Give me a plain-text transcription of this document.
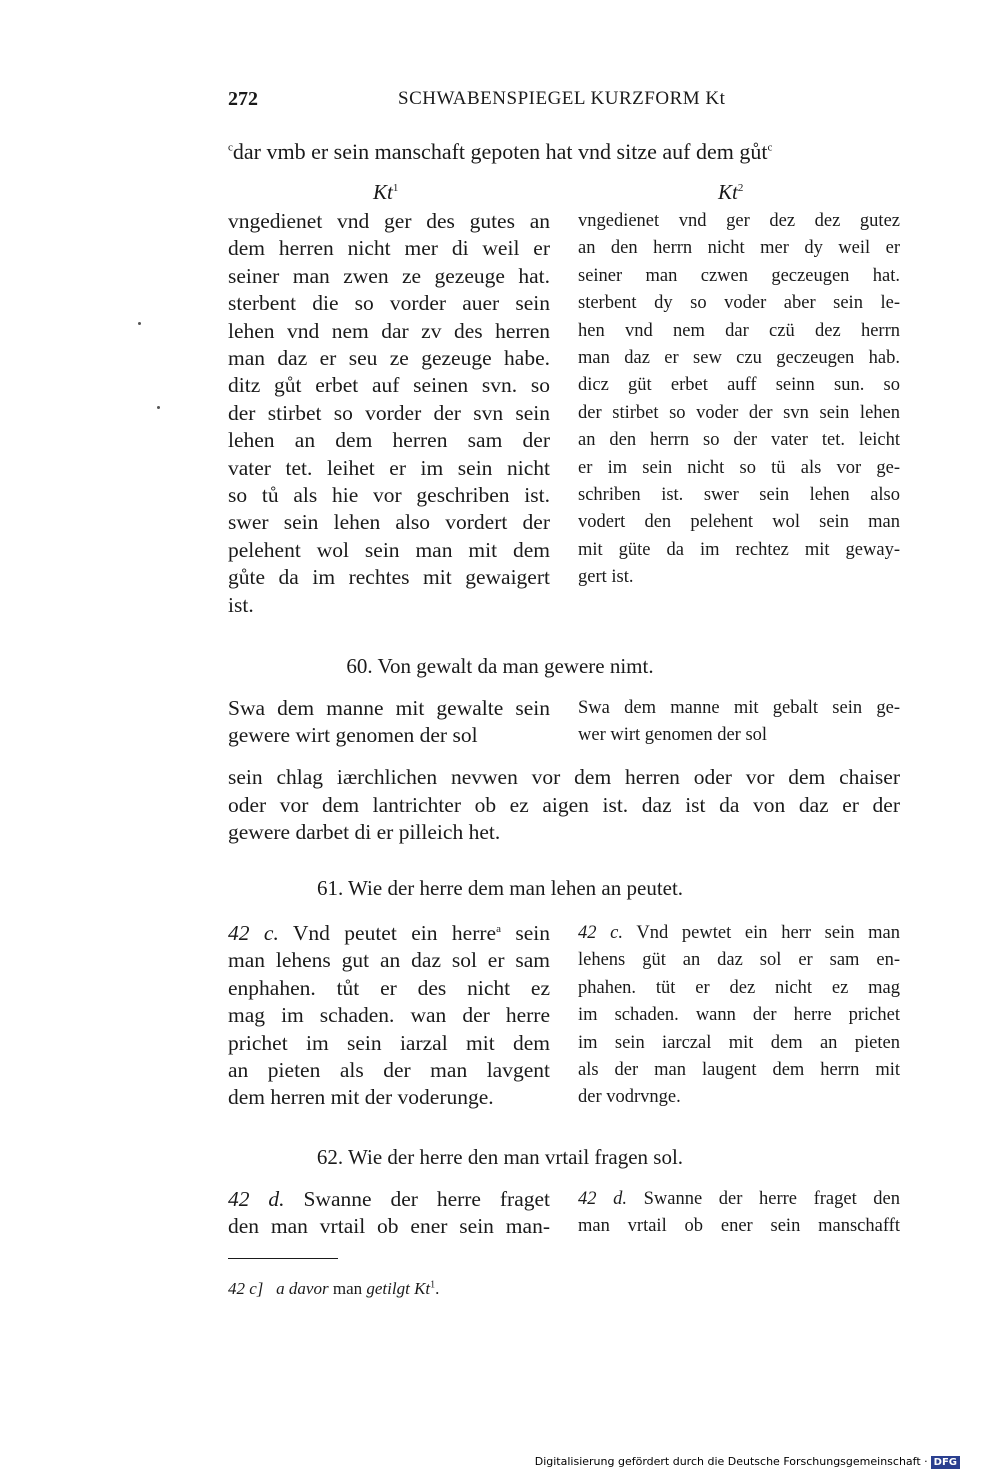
272	SCHWABENSPIEGEL KURZFORM Kt
$^c$dar vmb er sein manschaft gepoten hat vnd sitze auf dem gůt$^c$
Kt$^1$	Kt$^2$
vngedienet vnd ger des gutes an
dem herren nicht mer di weil er
seiner man zwen ze gezeuge hat.
sterbent die so vorder auer sein
lehen vnd nem dar zv des herren
man daz er seu ze gezeuge habe.
ditz gůt erbet auf seinen svn. so
der stirbet so vorder der svn sein
lehen an dem herren sam der
vater tet. leihet er im sein nicht
so tů als hie vor geschriben ist.
swer sein lehen also vordert der
pelehent wol sein man mit dem
gůte da im rechtes mit gewaigert
ist.
vngedienet vnd ger dez dez gutez
an den herrn nicht mer dy weil er
seiner man czwen geczeugen hat.
sterbent dy so voder aber sein le-
hen vnd nem dar czü dez herrn
man daz er sew czu geczeugen hab.
dicz güt erbet auff seinn sun. so
der stirbet so voder der svn sein lehen
an den herrn so der vater tet. leicht
er im sein nicht so tü als vor ge-
schriben ist. swer sein lehen also
vodert den pelehent wol sein man
mit güte da im rechtez mit geway-
gert ist.
60. Von gewalt da man gewere nimt.
Swa dem manne mit gewalte sein
gewere wirt genomen der sol
Swa dem manne mit gebalt sein ge-
wer wirt genomen der sol
sein chlag iærchlichen nevwen vor dem herren oder vor dem chaiser
oder vor dem lantrichter ob ez aigen ist. daz ist da von daz er der
gewere darbet di er pilleich het.
61. Wie der herre dem man lehen an peutet.
42 c. Vnd peutet ein herre$^a$ sein
man lehens gut an daz sol er sam
enphahen. tůt er des nicht ez
mag im schaden. wan der herre
prichet im sein iarzal mit dem
an pieten als der man lavgent
dem herren mit der voderunge.
42 c. Vnd pewtet ein herr sein man
lehens güt an daz sol er sam en-
phahen. tüt er dez nicht ez mag
im schaden. wann der herre prichet
im sein iarczal mit dem an pieten
als der man laugent dem herrn mit
der vodrvnge.
62. Wie der herre den man vrtail fragen sol.
42 d. Swanne der herre fraget
den man vrtail ob ener sein man-
42 d. Swanne der herre fraget den
man vrtail ob ener sein manschafft
42 c] a davor man getilgt Kt$^1$.
Digitalisierung gefördert durch die Deutsche Forschungsgemeinschaft · DFG
